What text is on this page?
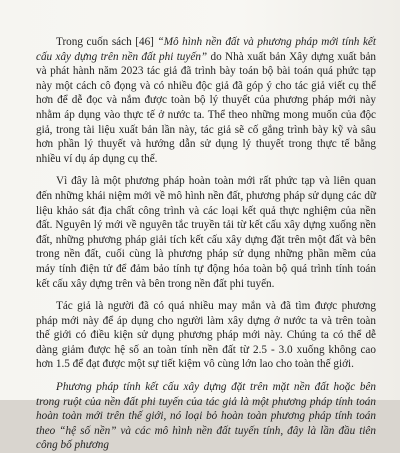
Trong cuốn sách [46] “Mô hình nền đất và phương pháp mới tính kết cấu xây dựng trên nền đất phi tuyến” do Nhà xuất bản Xây dựng xuất bản và phát hành năm 2023 tác giả đã trình bày toán bộ bài toán quá phức tạp này một cách cô đọng và có nhiều độc giả đã góp ý cho tác giả viết cụ thể hơn để dễ đọc và nắm được toàn bộ lý thuyết của phương pháp mới này nhằm áp dụng vào thực tế ở nước ta. Thể theo những mong muốn của độc giả, trong tài liệu xuất bản lần này, tác giả sẽ cố gắng trình bày kỹ và sâu hơn phần lý thuyết và hướng dẫn sử dụng lý thuyết trong thực tế bằng nhiều ví dụ áp dụng cụ thể.

Vì đây là một phương pháp hoàn toàn mới rất phức tạp và liên quan đến những khái niệm mới về mô hình nền đất, phương pháp sử dụng các dữ liệu khảo sát địa chất công trình và các loại kết quả thực nghiệm của nền đất. Nguyên lý mới về nguyên tắc truyền tải từ kết cấu xây dựng xuống nền đất, những phương pháp giải tích kết cấu xây dựng đặt trên một đất và bên trong nền đất, cuối cùng là phương pháp sử dụng những phần mềm của máy tính điện tử để đảm bảo tính tự động hóa toàn bộ quá trình tính toán kết cấu xây dựng trên và bên trong nền đất phi tuyến.

Tác giả là người đã có quá nhiều may mắn và đã tìm được phương pháp mới này để áp dụng cho người làm xây dựng ở nước ta và trên toàn thế giới có điều kiện sử dụng phương pháp mới này. Chúng ta có thể dễ dàng giảm được hệ số an toàn tính nền đất từ 2.5 - 3.0 xuống không cao hơn 1.5 để đạt được một sự tiết kiệm vô cùng lớn lao cho toàn thế giới.

Phương pháp tính kết cấu xây dựng đặt trên mặt nền đất hoặc bên trong ruột của nền đất phi tuyến của tác giả là một phương pháp tính toán hoàn toàn mới trên thế giới, nó loại bỏ hoàn toàn phương pháp tính toán theo “hệ số nền” và các mô hình nền đất tuyến tính, đây là lần đầu tiên công bố phương
